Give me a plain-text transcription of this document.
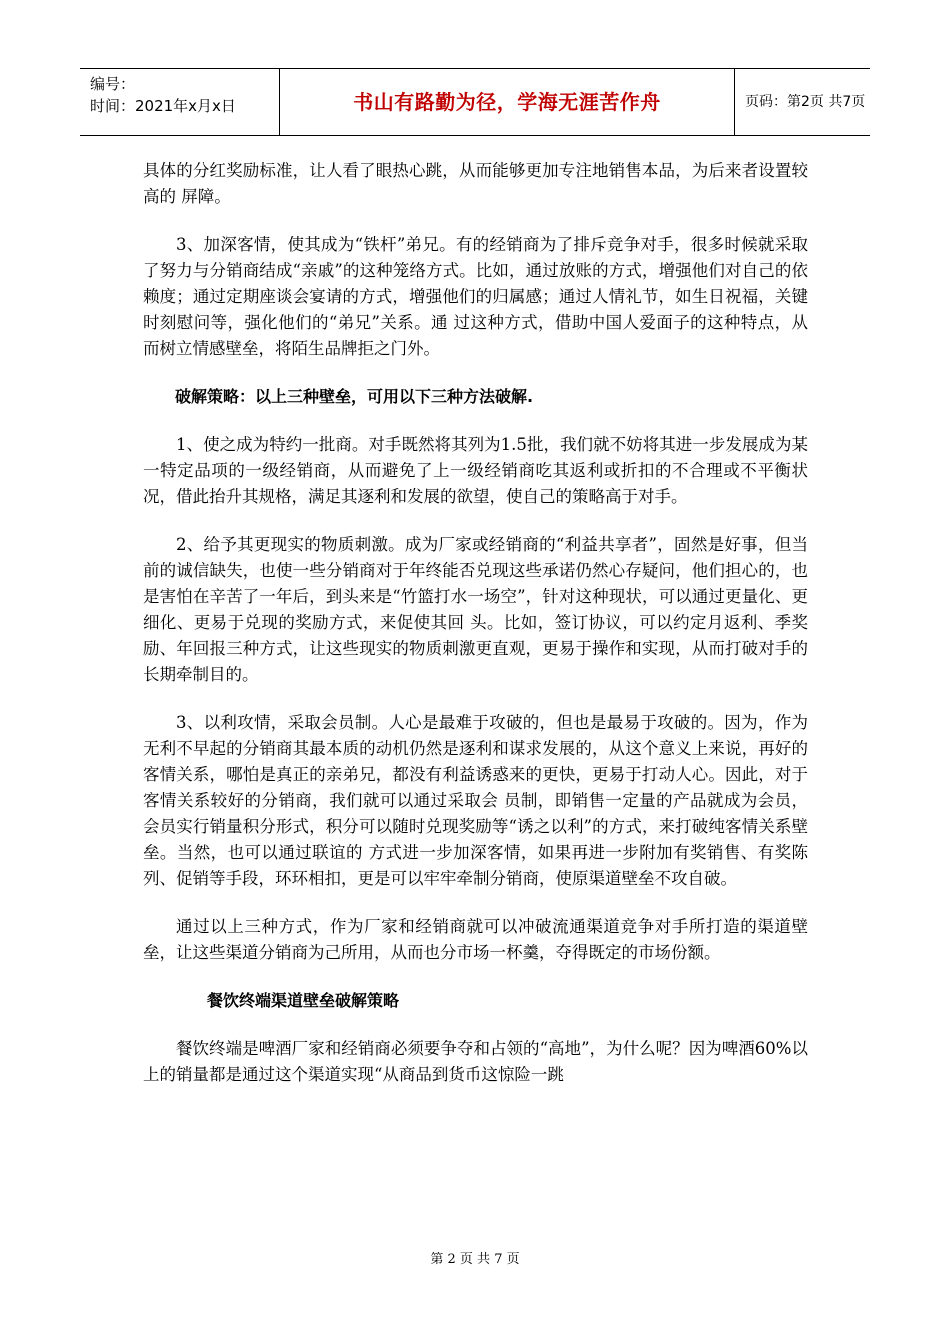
编号：
时间：2021年x月x日	书山有路勤为径，学海无涯苦作舟	页码：第2页 共7页

具体的分红奖励标准，让人看了眼热心跳，从而能够更加专注地销售本品，为后来者设置较高的 屏障。

3、加深客情，使其成为“铁杆”弟兄。有的经销商为了排斥竞争对手，很多时候就采取了努力与分销商结成“亲戚”的这种笼络方式。比如，通过放账的方式，增强他们对自己的依赖度；通过定期座谈会宴请的方式，增强他们的归属感；通过人情礼节，如生日祝福，关键时刻慰问等，强化他们的“弟兄”关系。通 过这种方式，借助中国人爱面子的这种特点，从而树立情感壁垒，将陌生品牌拒之门外。

破解策略：以上三种壁垒，可用以下三种方法破解.

1、使之成为特约一批商。对手既然将其列为1.5批，我们就不妨将其进一步发展成为某一特定品项的一级经销商，从而避免了上一级经销商吃其返利或折扣的不合理或不平衡状况，借此抬升其规格，满足其逐利和发展的欲望，使自己的策略高于对手。

2、给予其更现实的物质刺激。成为厂家或经销商的“利益共享者”，固然是好事，但当前的诚信缺失，也使一些分销商对于年终能否兑现这些承诺仍然心存疑问，他们担心的，也是害怕在辛苦了一年后，到头来是“竹篮打水一场空”，针对这种现状，可以通过更量化、更细化、更易于兑现的奖励方式，来促使其回 头。比如，签订协议，可以约定月返利、季奖励、年回报三种方式，让这些现实的物质刺激更直观，更易于操作和实现，从而打破对手的长期牵制目的。

3、以利攻情，采取会员制。人心是最难于攻破的，但也是最易于攻破的。因为，作为无利不早起的分销商其最本质的动机仍然是逐利和谋求发展的，从这个意义上来说，再好的客情关系，哪怕是真正的亲弟兄，都没有利益诱惑来的更快，更易于打动人心。因此，对于客情关系较好的分销商，我们就可以通过采取会 员制，即销售一定量的产品就成为会员，会员实行销量积分形式，积分可以随时兑现奖励等“诱之以利”的方式，来打破纯客情关系壁垒。当然，也可以通过联谊的 方式进一步加深客情，如果再进一步附加有奖销售、有奖陈列、促销等手段，环环相扣，更是可以牢牢牵制分销商，使原渠道壁垒不攻自破。

通过以上三种方式，作为厂家和经销商就可以冲破流通渠道竞争对手所打造的渠道壁垒，让这些渠道分销商为己所用，从而也分市场一杯羹，夺得既定的市场份额。

餐饮终端渠道壁垒破解策略

餐饮终端是啤酒厂家和经销商必须要争夺和占领的“高地”，为什么呢？因为啤酒60%以上的销量都是通过这个渠道实现“从商品到货币这惊险一跳

第 2 页 共 7 页
